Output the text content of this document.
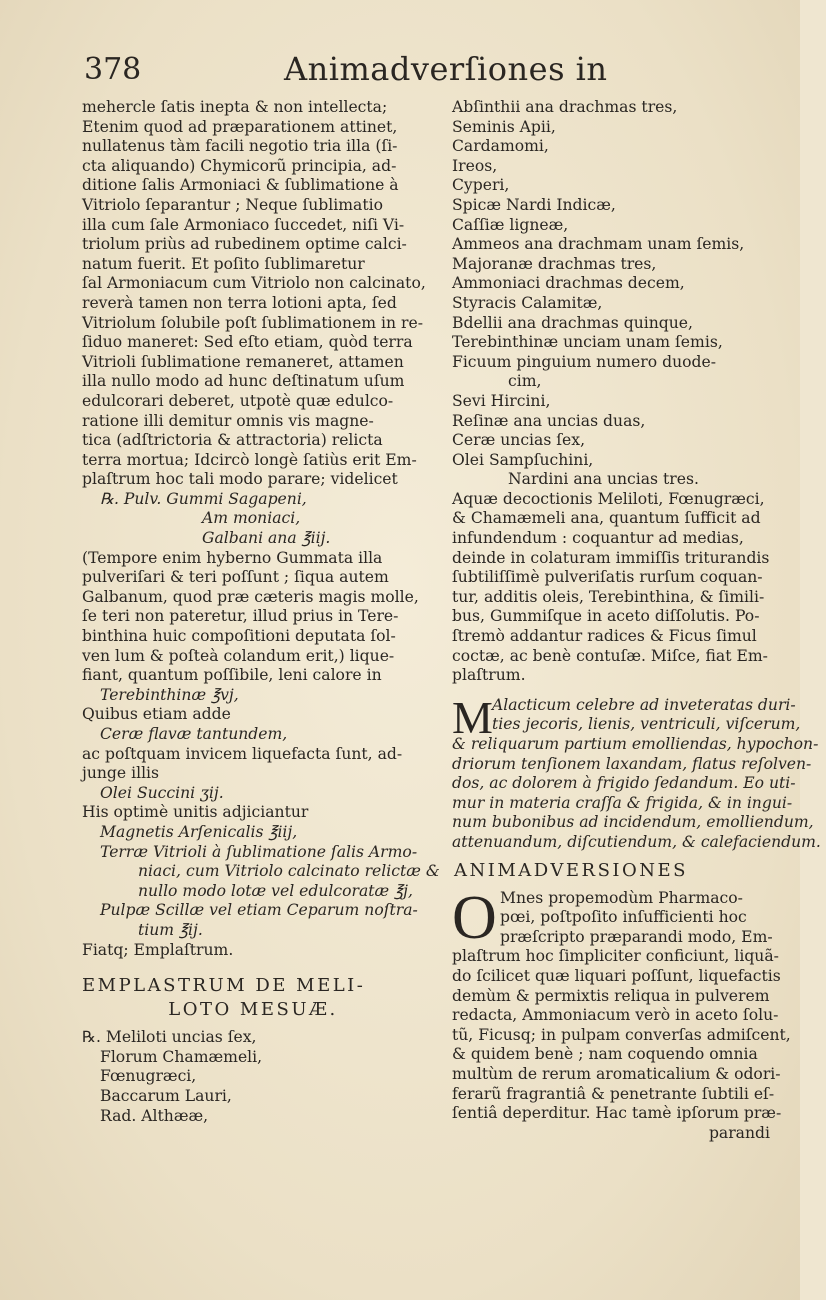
378	Animadverſiones in
mehercle ſatis inepta & non intellecta;
Etenim quod ad præparationem attinet,
nullatenus tàm facili negotio tria illa (ſi-
cta aliquando) Chymicorũ principia, ad-
ditione ſalis Armoniaci & ſublimatione à
Vitriolo ſeparantur ; Neque ſublimatio
illa cum ſale Armoniaco ſuccedet, niſi Vi-
triolum priùs ad rubedinem optime calci-
natum fuerit. Et poſito ſublimaretur
ſal Armoniacum cum Vitriolo non calcinato,
reverà tamen non terra lotioni apta, ſed
Vitriolum ſolubile poſt ſublimationem in re-
ſiduo maneret: Sed eſto etiam, quòd terra
Vitrioli ſublimatione remaneret, attamen
illa nullo modo ad hunc deſtinatum uſum
edulcorari deberet, utpotè quæ edulco-
ratione illi demitur omnis vis magne-
tica (adſtrictoria & attractoria) relicta
terra mortua; Idcircò longè ſatiùs erit Em-
plaſtrum hoc tali modo parare; videlicet
℞. Pulv. Gummi Sagapeni,
Am moniaci,
Galbani ana ℥iij.
(Tempore enim hyberno Gummata illa
pulveriſari & teri poſſunt ; ſiqua autem
Galbanum, quod præ cæteris magis molle,
ſe teri non pateretur, illud prius in Tere-
binthina huic compoſitioni deputata ſol-
ven lum & poſteà colandum erit,) lique-
fiant, quantum poſſibile, leni calore in
Terebinthinæ ℥vj,
Quibus etiam adde
Ceræ flavæ tantundem,
ac poſtquam invicem liquefacta ſunt, ad-
junge illis
Olei Succini ʒij.
His optimè unitis adjiciantur
Magnetis Arſenicalis ℥iij,
Terræ Vitrioli à ſublimatione ſalis Armo-
niaci, cum Vitriolo calcinato relictæ &
nullo modo lotæ vel edulcoratæ ℥j,
Pulpæ Scillæ vel etiam Ceparum noſtra-
tium ℥ij.
Fiatq; Emplaſtrum.
EMPLASTRUM DE MELI-
LOTO MESUÆ.
℞. Meliloti uncias ſex,
Florum Chamæmeli,
Fœnugræci,
Baccarum Lauri,
Rad. Althææ,
Abſinthii ana drachmas tres,
Seminis Apii,
Cardamomi,
Ireos,
Cyperi,
Spicæ Nardi Indicæ,
Caſſiæ ligneæ,
Ammeos ana drachmam unam ſemis,
Majoranæ drachmas tres,
Ammoniaci drachmas decem,
Styracis Calamitæ,
Bdellii ana drachmas quinque,
Terebinthinæ unciam unam ſemis,
Ficuum pinguium numero duode-
cim,
Sevi Hircini,
Reſinæ ana uncias duas,
Ceræ uncias ſex,
Olei Sampſuchini,
Nardini ana uncias tres.
Aquæ decoctionis Meliloti, Fœnugræci,
& Chamæmeli ana, quantum ſufficit ad
infundendum : coquantur ad medias,
deinde in colaturam immiſſis triturandis
ſubtiliſſimè pulveriſatis rurſum coquan-
tur, additis oleis, Terebinthina, & ſimili-
bus, Gummiſque in aceto diſſolutis. Po-
ſtremò addantur radices & Ficus ſimul
coctæ, ac benè contuſæ. Miſce, fiat Em-
plaſtrum.
M Alacticum celebre ad inveteratas duri-
ties jecoris, lienis, ventriculi, viſcerum,
& reliquarum partium emolliendas, hypochon-
driorum tenſionem laxandam, flatus reſolven-
dos, ac dolorem à frigido ſedandum. Eo uti-
mur in materia craſſa & frigida, & in ingui-
num bubonibus ad incidendum, emolliendum,
attenuandum, diſcutiendum, & calefaciendum.
ANIMADVERSIONES
O Mnes propemodùm Pharmaco-
pœi, poſtpoſito inſufficienti hoc
præſcripto præparandi modo, Em-
plaſtrum hoc ſimpliciter conficiunt, liquã-
do ſcilicet quæ liquari poſſunt, liquefactis
demùm & permixtis reliqua in pulverem
redacta, Ammoniacum verò in aceto ſolu-
tũ, Ficusq; in pulpam converſas admiſcent,
& quidem benè ; nam coquendo omnia
multùm de rerum aromaticalium & odori-
ferarũ fragrantiâ & penetrante ſubtili eſ-
ſentiâ deperditur. Hac tamè ipſorum præ-
parandi
